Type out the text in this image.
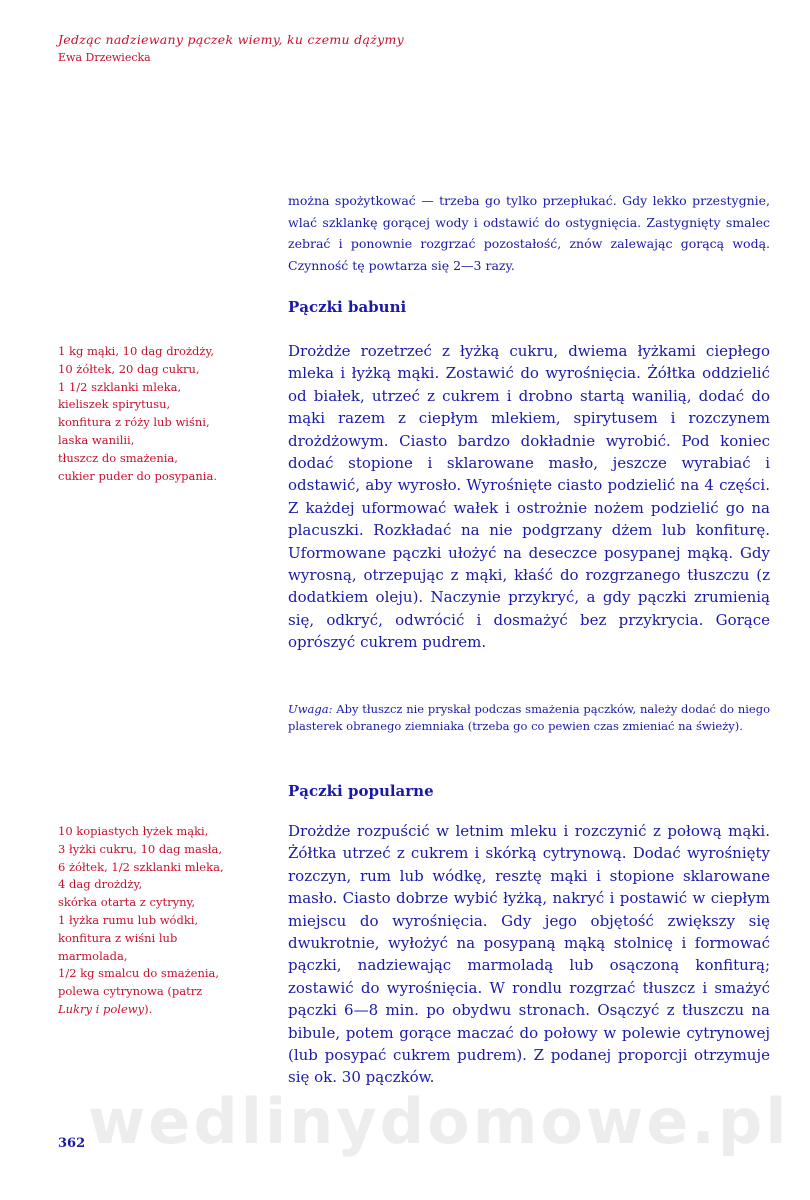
Jedząc nadziewany pączek wiemy, ku czemu dążymy
Ewa Drzewiecka
można spożytkować — trzeba go tylko przepłukać. Gdy lekko przestygnie, wlać szklankę gorącej wody i odstawić do ostygnięcia. Zastygnięty smalec zebrać i ponownie rozgrzać pozostałość, znów zalewając gorącą wodą. Czynność tę powtarza się 2—3 razy.
Pączki babuni
1 kg mąki, 10 dag drożdży,
10 żółtek, 20 dag cukru,
1 1/2 szklanki mleka,
kieliszek spirytusu,
konfitura z róży lub wiśni,
laska wanilii,
tłuszcz do smażenia,
cukier puder do posypania.
Drożdże rozetrzeć z łyżką cukru, dwiema łyżkami ciepłego mleka i łyżką mąki. Zostawić do wyrośnięcia. Żółtka oddzielić od białek, utrzeć z cukrem i drobno startą wanilią, dodać do mąki razem z ciepłym mlekiem, spirytusem i rozczynem drożdżowym. Ciasto bardzo dokładnie wyrobić. Pod koniec dodać stopione i sklarowane masło, jeszcze wyrabiać i odstawić, aby wyrosło. Wyrośnięte ciasto podzielić na 4 części. Z każdej uformować wałek i ostrożnie nożem podzielić go na placuszki. Rozkładać na nie podgrzany dżem lub konfiturę. Uformowane pączki ułożyć na deseczce posypanej mąką. Gdy wyrosną, otrzepując z mąki, kłaść do rozgrzanego tłuszczu (z dodatkiem oleju). Naczynie przykryć, a gdy pączki zrumienią się, odkryć, odwrócić i dosmażyć bez przykrycia. Gorące oprószyć cukrem pudrem.
Uwaga: Aby tłuszcz nie pryskał podczas smażenia pączków, należy dodać do niego plasterek obranego ziemniaka (trzeba go co pewien czas zmieniać na świeży).
Pączki popularne
10 kopiastych łyżek mąki,
3 łyżki cukru, 10 dag masła,
6 żółtek, 1/2 szklanki mleka,
4 dag drożdży,
skórka otarta z cytryny,
1 łyżka rumu lub wódki,
konfitura z wiśni lub
marmolada,
1/2 kg smalcu do smażenia,
polewa cytrynowa (patrz
Lukry i polewy).
Drożdże rozpuścić w letnim mleku i rozczynić z połową mąki. Żółtka utrzeć z cukrem i skórką cytrynową. Dodać wyrośnięty rozczyn, rum lub wódkę, resztę mąki i stopione sklarowane masło. Ciasto dobrze wybić łyżką, nakryć i postawić w ciepłym miejscu do wyrośnięcia. Gdy jego objętość zwiększy się dwukrotnie, wyłożyć na posypaną mąką stolnicę i formować pączki, nadziewając marmoladą lub osączoną konfiturą; zostawić do wyrośnięcia. W rondlu rozgrzać tłuszcz i smażyć pączki 6—8 min. po obydwu stronach. Osączyć z tłuszczu na bibule, potem gorące maczać do połowy w polewie cytrynowej (lub posypać cukrem pudrem). Z podanej proporcji otrzymuje się ok. 30 pączków.
wedlinydomowe.pl
362
